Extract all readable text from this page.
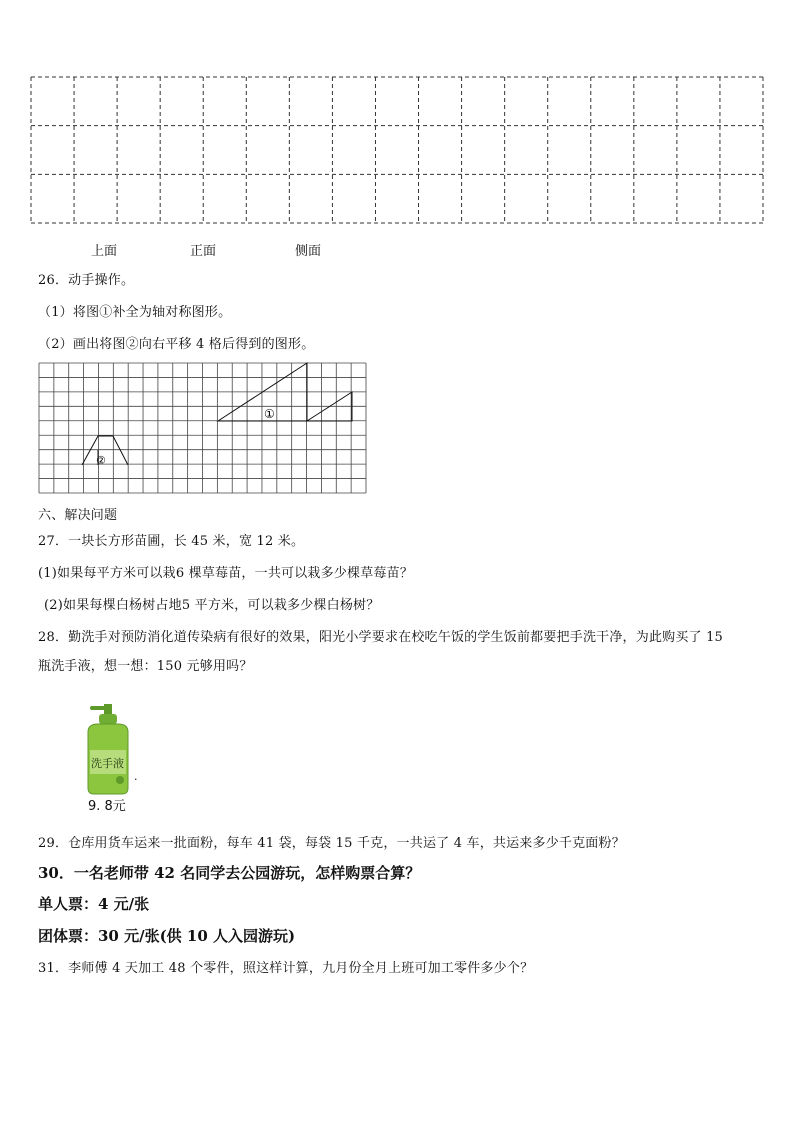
上面	正面	侧面
26．动手操作。
（1）将图①补全为轴对称图形。
（2）画出将图②向右平移 4 格后得到的图形。
①
②
六、解决问题
27．一块长方形苗圃，长 45 米，宽 12 米。
(1)如果每平方米可以栽6 棵草莓苗，一共可以栽多少棵草莓苗？
(2)如果每棵白杨树占地5 平方米，可以栽多少棵白杨树？
28．勤洗手对预防消化道传染病有很好的效果，阳光小学要求在校吃午饭的学生饭前都要把手洗干净，为此购买了 15
瓶洗手液，想一想：150 元够用吗？
洗手液
.
9. 8元
29．仓库用货车运来一批面粉，每车 41 袋，每袋 15 千克，一共运了 4 车，共运来多少千克面粉？
30．一名老师带 42 名同学去公园游玩，怎样购票合算？
单人票：4 元/张
团体票：30 元/张(供 10 人入园游玩)
31．李师傅 4 天加工 48 个零件，照这样计算，九月份全月上班可加工零件多少个？
